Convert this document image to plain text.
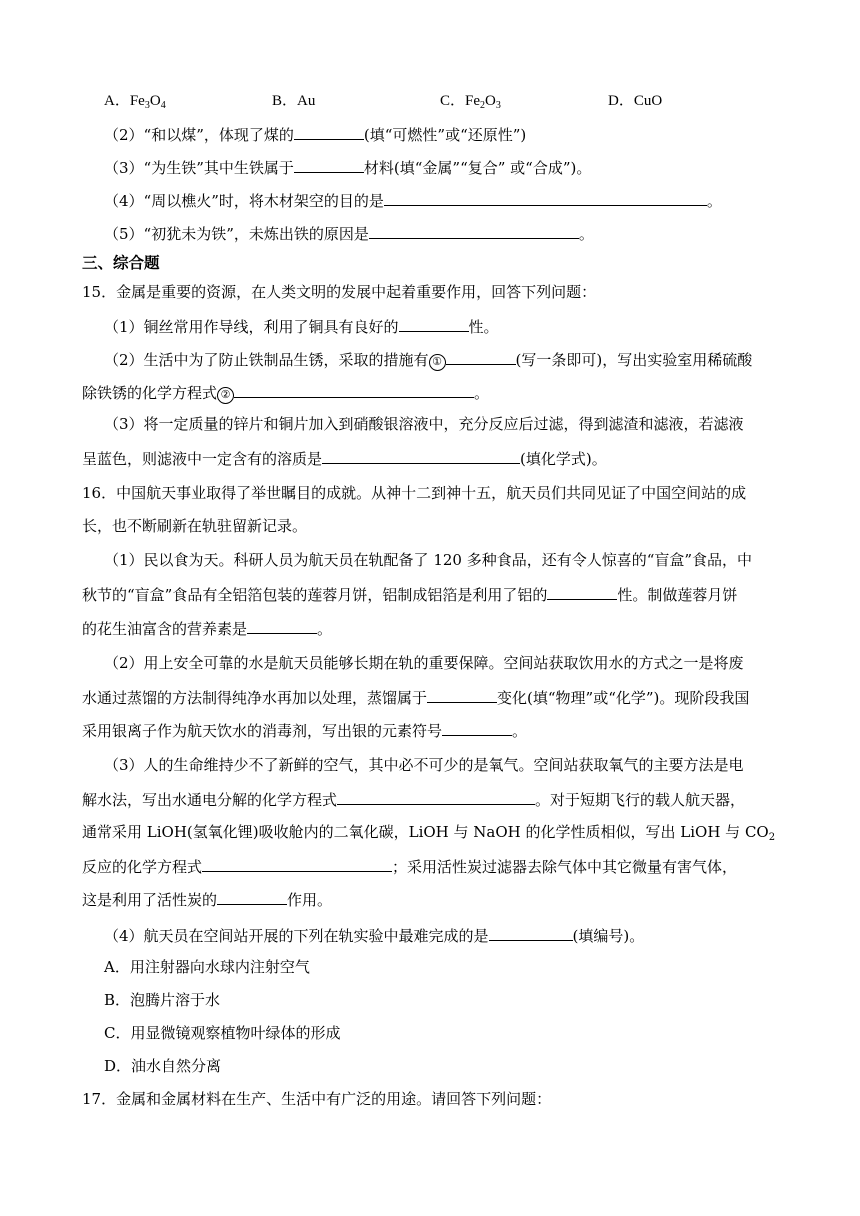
A．$Fe_3O_4$	B．Au	C．$Fe_2O_3$	D．CuO
（2）“和以煤”，体现了煤的	(填“可燃性”或“还原性”)
（3）“为生铁”其中生铁属于	材料(填“金属”“复合” 或“合成”)。
（4）“周以樵火”时，将木材架空的目的是	。
（5）“初犹未为铁”，未炼出铁的原因是	。
三、综合题
15．金属是重要的资源，在人类文明的发展中起着重要作用，回答下列问题：
（1）铜丝常用作导线，利用了铜具有良好的	性。
（2）生活中为了防止铁制品生锈，采取的措施有 ①	(写一条即可)，写出实验室用稀硫酸
除铁锈的化学方程式 ②	。
（3）将一定质量的锌片和铜片加入到硝酸银溶液中，充分反应后过滤，得到滤渣和滤液，若滤液
呈蓝色，则滤液中一定含有的溶质是	(填化学式)。
16．中国航天事业取得了举世瞩目的成就。从神十二到神十五，航天员们共同见证了中国空间站的成
长，也不断刷新在轨驻留新记录。
（1）民以食为天。科研人员为航天员在轨配备了 120 多种食品，还有令人惊喜的“盲盒”食品，中
秋节的“盲盒”食品有全铝箔包装的莲蓉月饼，铝制成铝箔是利用了铝的	性。制做莲蓉月饼
的花生油富含的营养素是	。
（2）用上安全可靠的水是航天员能够长期在轨的重要保障。空间站获取饮用水的方式之一是将废
水通过蒸馏的方法制得纯净水再加以处理，蒸馏属于	变化(填“物理”或“化学”)。现阶段我国
采用银离子作为航天饮水的消毒剂，写出银的元素符号	。
（3）人的生命维持少不了新鲜的空气，其中必不可少的是氧气。空间站获取氧气的主要方法是电
解水法，写出水通电分解的化学方程式	。对于短期飞行的载人航天器，
通常采用 LiOH(氢氧化锂)吸收舱内的二氧化碳，LiOH 与 NaOH 的化学性质相似，写出 LiOH 与 $CO_2$
反应的化学方程式	；采用活性炭过滤器去除气体中其它微量有害气体，
这是利用了活性炭的	作用。
（4）航天员在空间站开展的下列在轨实验中最难完成的是	(填编号)。
A．用注射器向水球内注射空气
B．泡腾片溶于水
C．用显微镜观察植物叶绿体的形成
D．油水自然分离
17．金属和金属材料在生产、生活中有广泛的用途。请回答下列问题：
